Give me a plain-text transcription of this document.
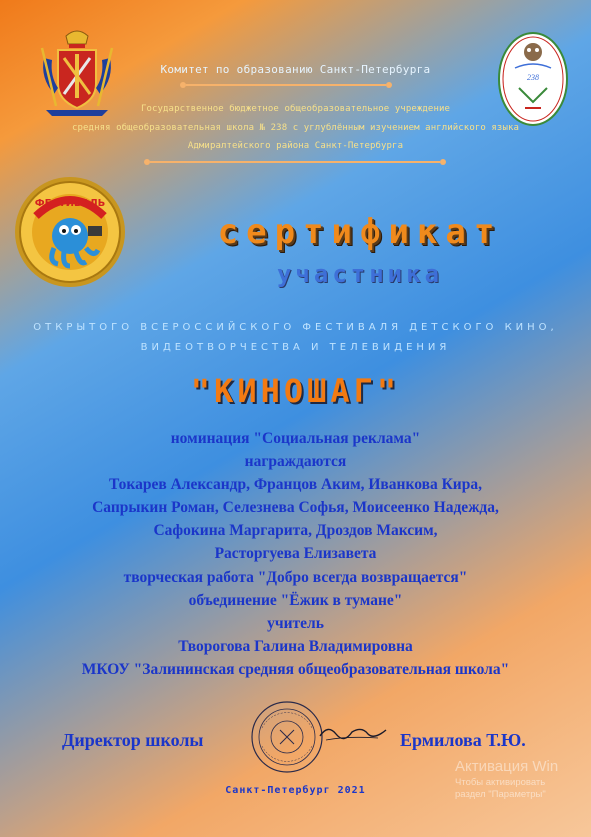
238
ФЕСТИВАЛЬ
Комитет по образованию Санкт-Петербурга
Государственное бюджетное общеобразовательное учреждение
средняя общеобразовательная школа № 238 с углублённым изучением английского языка
Адмиралтейского района Санкт-Петербурга
сертификат
участника
ОТКРЫТОГО ВСЕРОССИЙСКОГО ФЕСТИВАЛЯ ДЕТСКОГО КИНО,
ВИДЕОТВОРЧЕСТВА И ТЕЛЕВИДЕНИЯ
"КИНОШАГ"
номинация "Социальная реклама"
награждаются
Токарев Александр, Францов Аким, Иванкова Кира,
Сапрыкин Роман, Селезнева Софья, Моисеенко Надежда,
Сафокина Маргарита, Дроздов Максим,
Расторгуева Елизавета
творческая работа "Добро всегда возвращается"
объединение "Ёжик в тумане"
учитель
Творогова Галина Владимировна
МКОУ "Залининская средняя общеобразовательная школа"
Директор школы	Ермилова Т.Ю.
Санкт-Петербург 2021
Активация Win
Чтобы активировать
раздел "Параметры"
